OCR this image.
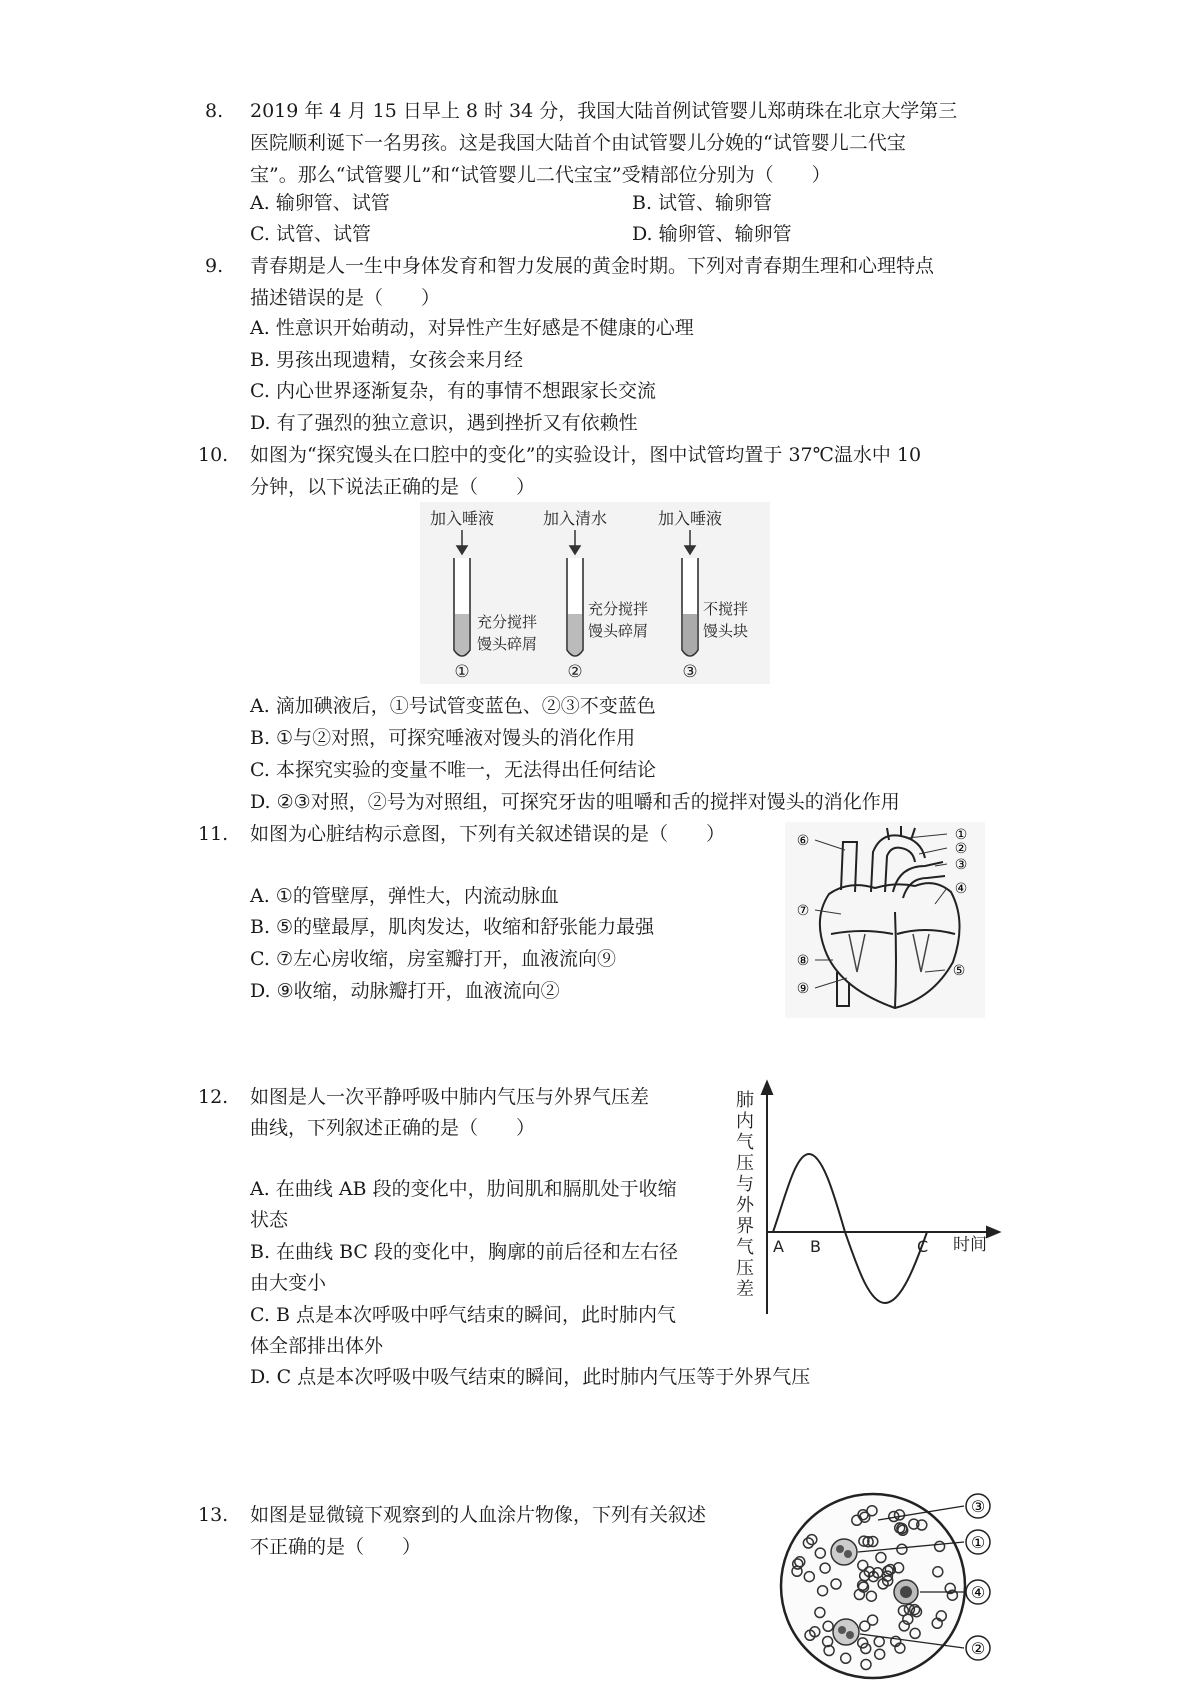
8. 2019 年 4 月 15 日早上 8 时 34 分，我国大陆首例试管婴儿郑萌珠在北京大学第三
医院顺利诞下一名男孩。这是我国大陆首个由试管婴儿分娩的“试管婴儿二代宝
宝”。那么“试管婴儿”和“试管婴儿二代宝宝”受精部位分别为（　　）
A. 输卵管、试管	B. 试管、输卵管
C. 试管、试管	D. 输卵管、输卵管
9. 青春期是人一生中身体发育和智力发展的黄金时期。下列对青春期生理和心理特点
描述错误的是（　　）
A. 性意识开始萌动，对异性产生好感是不健康的心理
B. 男孩出现遗精，女孩会来月经
C. 内心世界逐渐复杂，有的事情不想跟家长交流
D. 有了强烈的独立意识，遇到挫折又有依赖性
10. 如图为“探究馒头在口腔中的变化”的实验设计，图中试管均置于 37℃温水中 10
分钟，以下说法正确的是（　　）
加入唾液	加入清水	加入唾液
充分搅拌
馒头碎屑
充分搅拌
馒头碎屑
不搅拌
馒头块
①	②	③
A. 滴加碘液后，①号试管变蓝色、②③不变蓝色
B. ①与②对照，可探究唾液对馒头的消化作用
C. 本探究实验的变量不唯一，无法得出任何结论
D. ②③对照，②号为对照组，可探究牙齿的咀嚼和舌的搅拌对馒头的消化作用
11. 如图为心脏结构示意图，下列有关叙述错误的是（　　）
A. ①的管壁厚，弹性大，内流动脉血
B. ⑤的壁最厚，肌肉发达，收缩和舒张能力最强
C. ⑦左心房收缩，房室瓣打开，血液流向⑨
D. ⑨收缩，动脉瓣打开，血液流向②
①
②
③
④
⑤
⑥
⑦
⑧
⑨
12. 如图是人一次平静呼吸中肺内气压与外界气压差
曲线，下列叙述正确的是（　　）
A. 在曲线 AB 段的变化中，肋间肌和膈肌处于收缩
状态
B. 在曲线 BC 段的变化中，胸廓的前后径和左右径
由大变小
C. B 点是本次呼吸中呼气结束的瞬间，此时肺内气
体全部排出体外
D. C 点是本次呼吸中吸气结束的瞬间，此时肺内气压等于外界气压
肺内气压与外界气压差
A B	C 时间
13. 如图是显微镜下观察到的人血涂片物像，下列有关叙述
不正确的是（　　）
③
①
④
②
